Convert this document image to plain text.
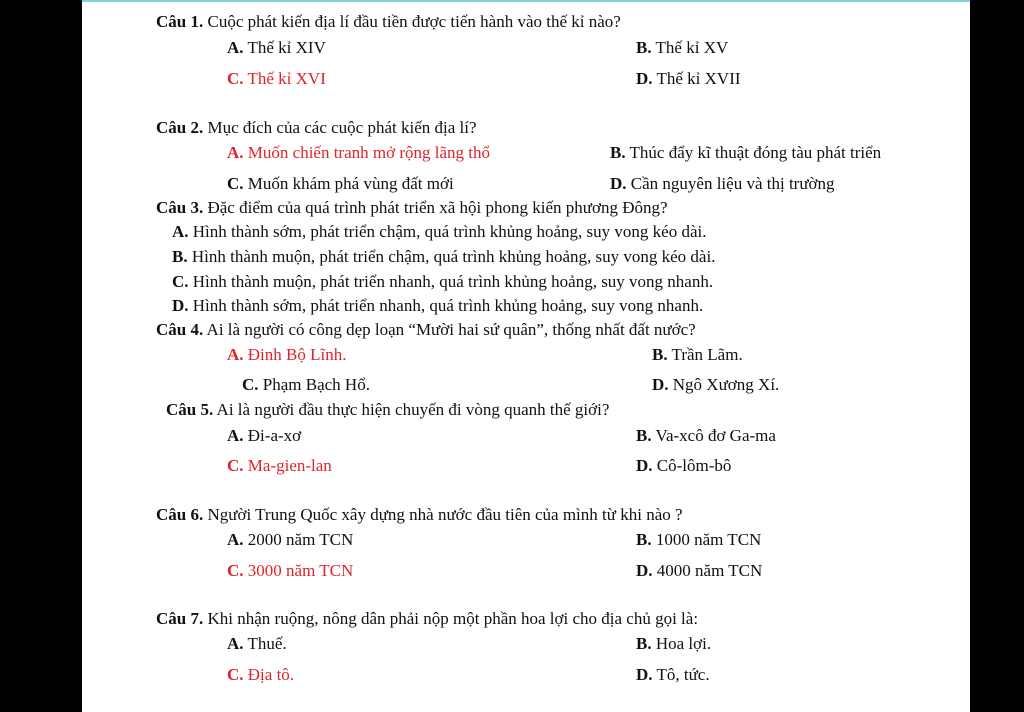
Câu 1. Cuộc phát kiến địa lí đầu tiền được tiến hành vào thế kỉ nào?
A. Thế kỉ XIV	B. Thế kỉ XV
C. Thế kỉ XVI	D. Thế kỉ XVII
Câu 2. Mục đích của các cuộc phát kiến địa lí?
A. Muốn chiến tranh mở rộng lãng thổ	B. Thúc đẩy kĩ thuật đóng tàu phát triển
C. Muốn khám phá vùng đất mới	D. Cần nguyên liệu và thị trường
Câu 3. Đặc điểm của quá trình phát triển xã hội phong kiến phương Đông?
A. Hình thành sớm, phát triển chậm, quá trình khủng hoảng, suy vong kéo dài.
B. Hình thành muộn, phát triển chậm, quá trình khủng hoảng, suy vong kéo dài.
C. Hình thành muộn, phát triển nhanh, quá trình khủng hoảng, suy vong nhanh.
D. Hình thành sớm, phát triển nhanh, quá trình khủng hoảng, suy vong nhanh.
Câu 4. Ai là người có công dẹp loạn “Mười hai sứ quân”, thống nhất đất nước?
A. Đinh Bộ Lĩnh.	B. Trần Lãm.
C. Phạm Bạch Hổ.	D. Ngô Xương Xí.
Câu 5. Ai là người đầu thực hiện chuyến đi vòng quanh thế giới?
A. Đi-a-xơ	B. Va-xcô đơ Ga-ma
C. Ma-gien-lan	D. Cô-lôm-bô
Câu 6. Người Trung Quốc xây dựng nhà nước đầu tiên của mình từ khi nào ?
A. 2000 năm TCN	B. 1000 năm TCN
C. 3000 năm TCN	D. 4000 năm TCN
Câu 7. Khi nhận ruộng, nông dân phải nộp một phần hoa lợi cho địa chủ gọi là:
A. Thuế.	B. Hoa lợi.
C. Địa tô.	D. Tô, tức.
